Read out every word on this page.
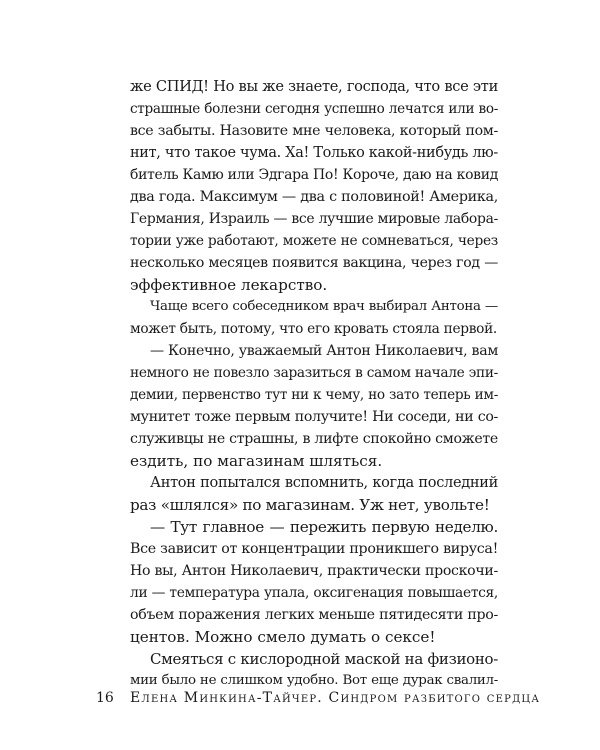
же СПИД! Но вы же знаете, господа, что все эти
страшные болезни сегодня успешно лечатся или во-
все забыты. Назовите мне человека, который пом-
нит, что такое чума. Ха! Только какой-нибудь лю-
битель Камю или Эдгара По! Короче, даю на ковид
два года. Максимум — два с половиной! Америка,
Германия, Израиль — все лучшие мировые лабора-
тории уже работают, можете не сомневаться, через
несколько месяцев появится вакцина, через год —
эффективное лекарство.
Чаще всего собеседником врач выбирал Антона —
может быть, потому, что его кровать стояла первой.
— Конечно, уважаемый Антон Николаевич, вам
немного не повезло заразиться в самом начале эпи-
демии, первенство тут ни к чему, но зато теперь им-
мунитет тоже первым получите! Ни соседи, ни со-
служивцы не страшны, в лифте спокойно сможете
ездить, по магазинам шляться.
Антон попытался вспомнить, когда последний
раз «шлялся» по магазинам. Уж нет, увольте!
— Тут главное — пережить первую неделю.
Все зависит от концентрации проникшего вируса!
Но вы, Антон Николаевич, практически проскочи-
ли — температура упала, оксигенация повышается,
объем поражения легких меньше пятидесяти про-
центов. Можно смело думать о сексе!
Смеяться с кислородной маской на физионо-
мии было не слишком удобно. Вот еще дурак свалил-
16 Елена Минкина-Тайчер. Синдром разбитого сердца
